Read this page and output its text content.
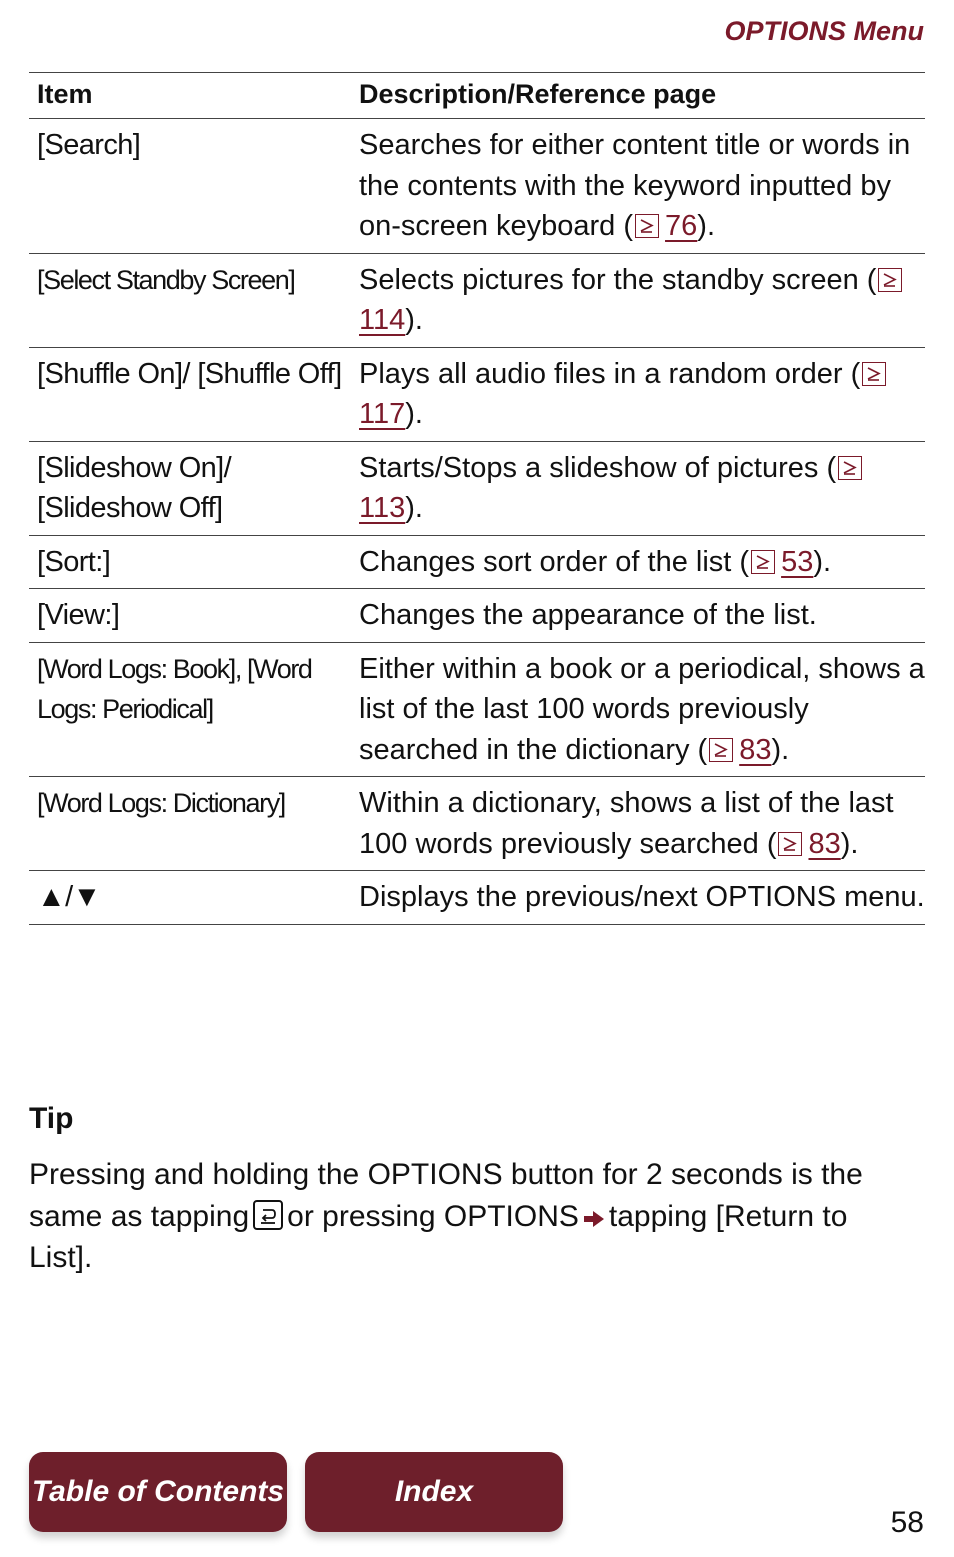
OPTIONS Menu
Item	Description/Reference page
[Search]	Searches for either content title or words in the contents with the keyword inputted by on-screen keyboard ( 76).
[Select Standby Screen]	Selects pictures for the standby screen (
114).
[Shuffle On]/ [Shuffle Off]	Plays all audio files in a random order (
117).
[Slideshow On]/ [Slideshow Off]	Starts/Stops a slideshow of pictures (
113).
[Sort:]	Changes sort order of the list ( 53).
[View:]	Changes the appearance of the list.
[Word Logs: Book], [Word Logs: Periodical]	Either within a book or a periodical, shows a list of the last 100 words previously searched in the dictionary ( 83).
[Word Logs: Dictionary]	Within a dictionary, shows a list of the last 100 words previously searched ( 83).
▲/▼	Displays the previous/next OPTIONS menu.
Tip
Pressing and holding the OPTIONS button for 2 seconds is the same as tapping or pressing OPTIONS tapping [Return to List].
Table of Contents	Index
58
